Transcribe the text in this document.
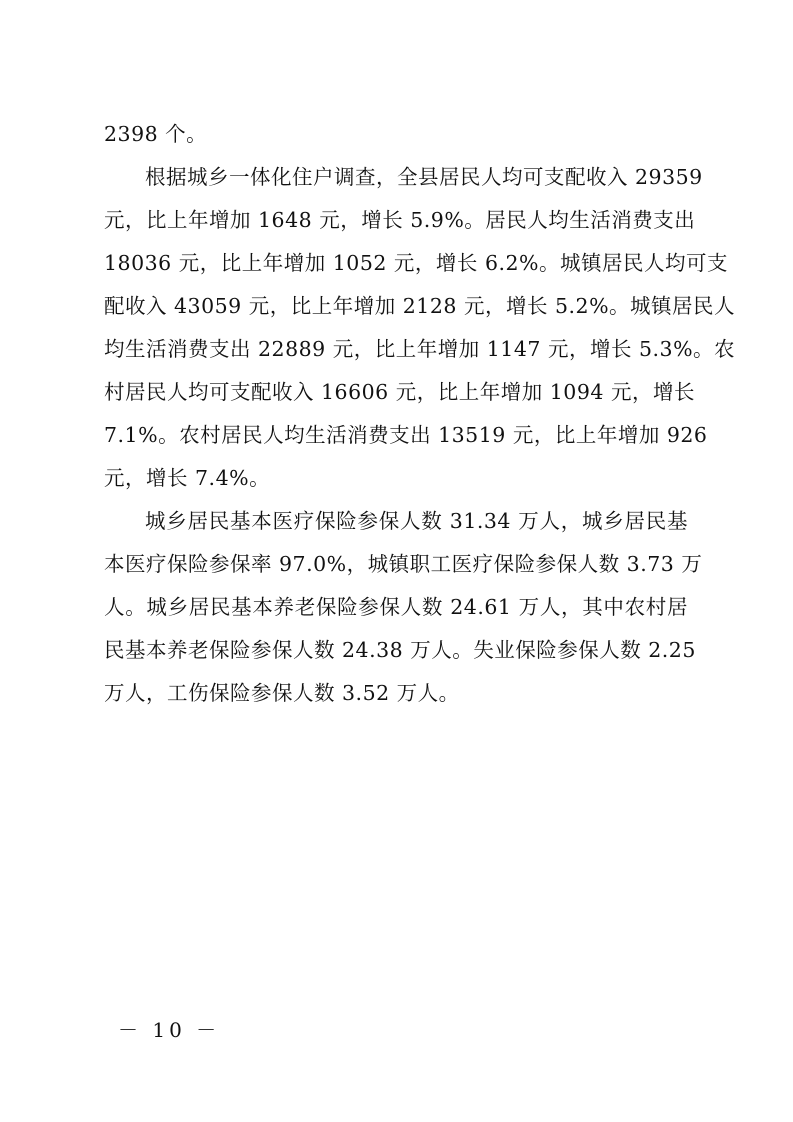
2398 个。
根据城乡一体化住户调查，全县居民人均可支配收入 29359
元，比上年增加 1648 元，增长 5.9%。居民人均生活消费支出
18036 元，比上年增加 1052 元，增长 6.2%。城镇居民人均可支
配收入 43059 元，比上年增加 2128 元，增长 5.2%。城镇居民人
均生活消费支出 22889 元，比上年增加 1147 元，增长 5.3%。农
村居民人均可支配收入 16606 元，比上年增加 1094 元，增长
7.1%。农村居民人均生活消费支出 13519 元，比上年增加 926
元，增长 7.4%。
城乡居民基本医疗保险参保人数 31.34 万人，城乡居民基
本医疗保险参保率 97.0%，城镇职工医疗保险参保人数 3.73 万
人。城乡居民基本养老保险参保人数 24.61 万人，其中农村居
民基本养老保险参保人数 24.38 万人。失业保险参保人数 2.25
万人，工伤保险参保人数 3.52 万人。
－ 10 －
